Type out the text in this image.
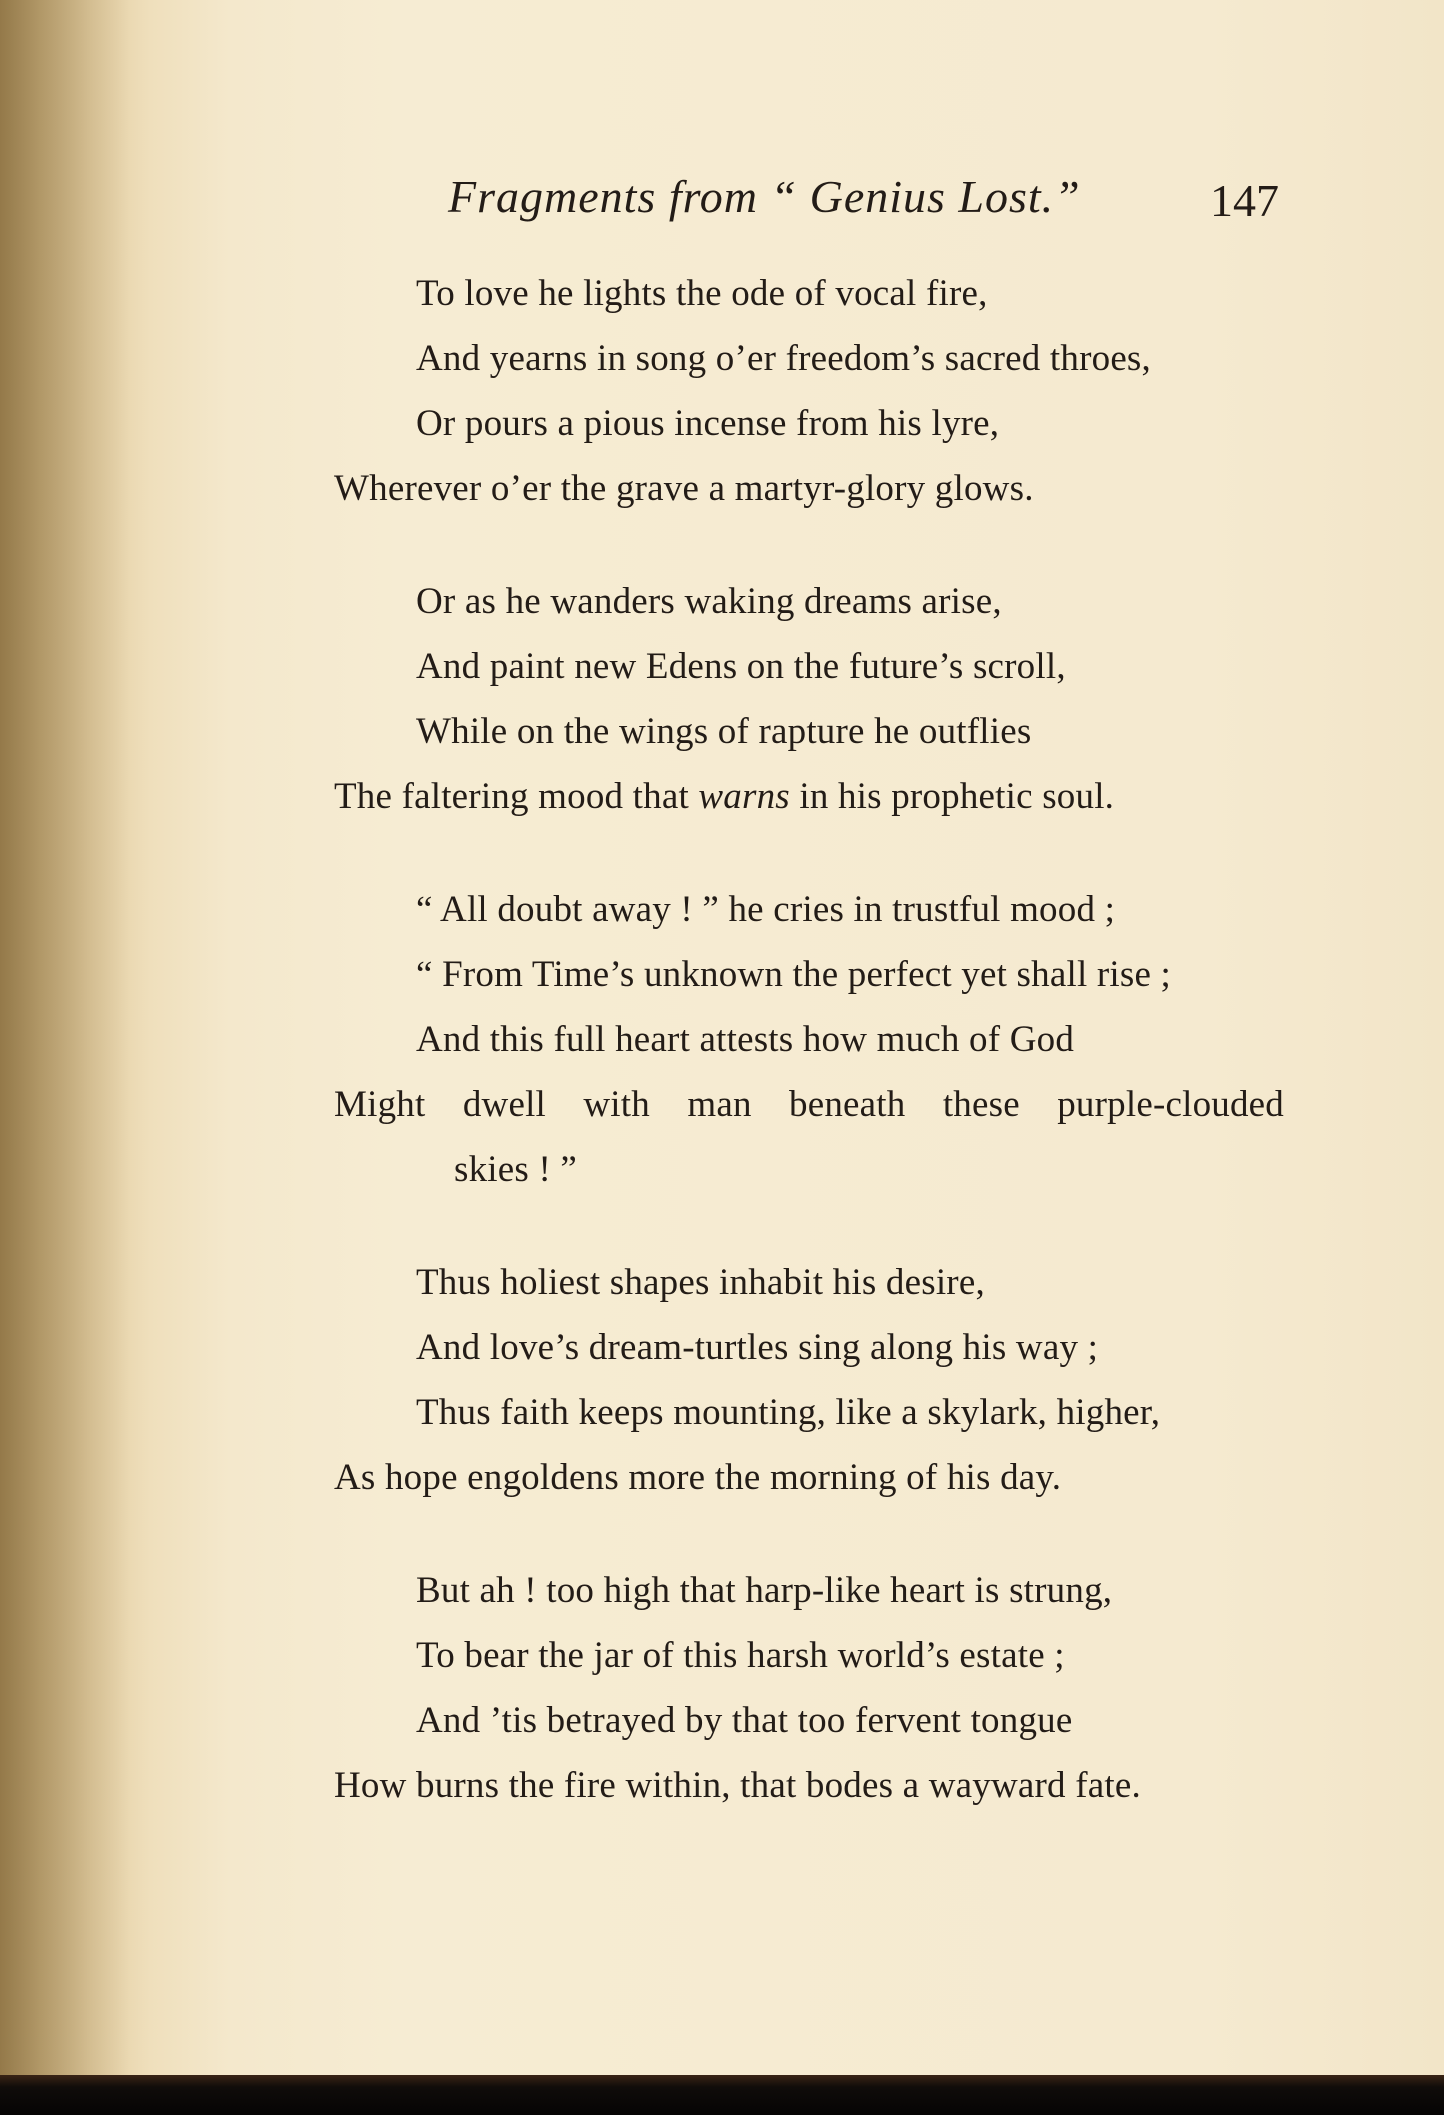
Fragments from “ Genius Lost.”	147
To love he lights the ode of vocal fire,
And yearns in song o’er freedom’s sacred throes,
Or pours a pious incense from his lyre,
Wherever o’er the grave a martyr-glory glows.
Or as he wanders waking dreams arise,
And paint new Edens on the future’s scroll,
While on the wings of rapture he outflies
The faltering mood that warns in his prophetic soul.
“ All doubt away ! ” he cries in trustful mood ;
“ From Time’s unknown the perfect yet shall rise ;
And this full heart attests how much of God
Might dwell with man beneath these purple-clouded
skies ! ”
Thus holiest shapes inhabit his desire,
And love’s dream-turtles sing along his way ;
Thus faith keeps mounting, like a skylark, higher,
As hope engoldens more the morning of his day.
But ah ! too high that harp-like heart is strung,
To bear the jar of this harsh world’s estate ;
And ’tis betrayed by that too fervent tongue
How burns the fire within, that bodes a wayward fate.
